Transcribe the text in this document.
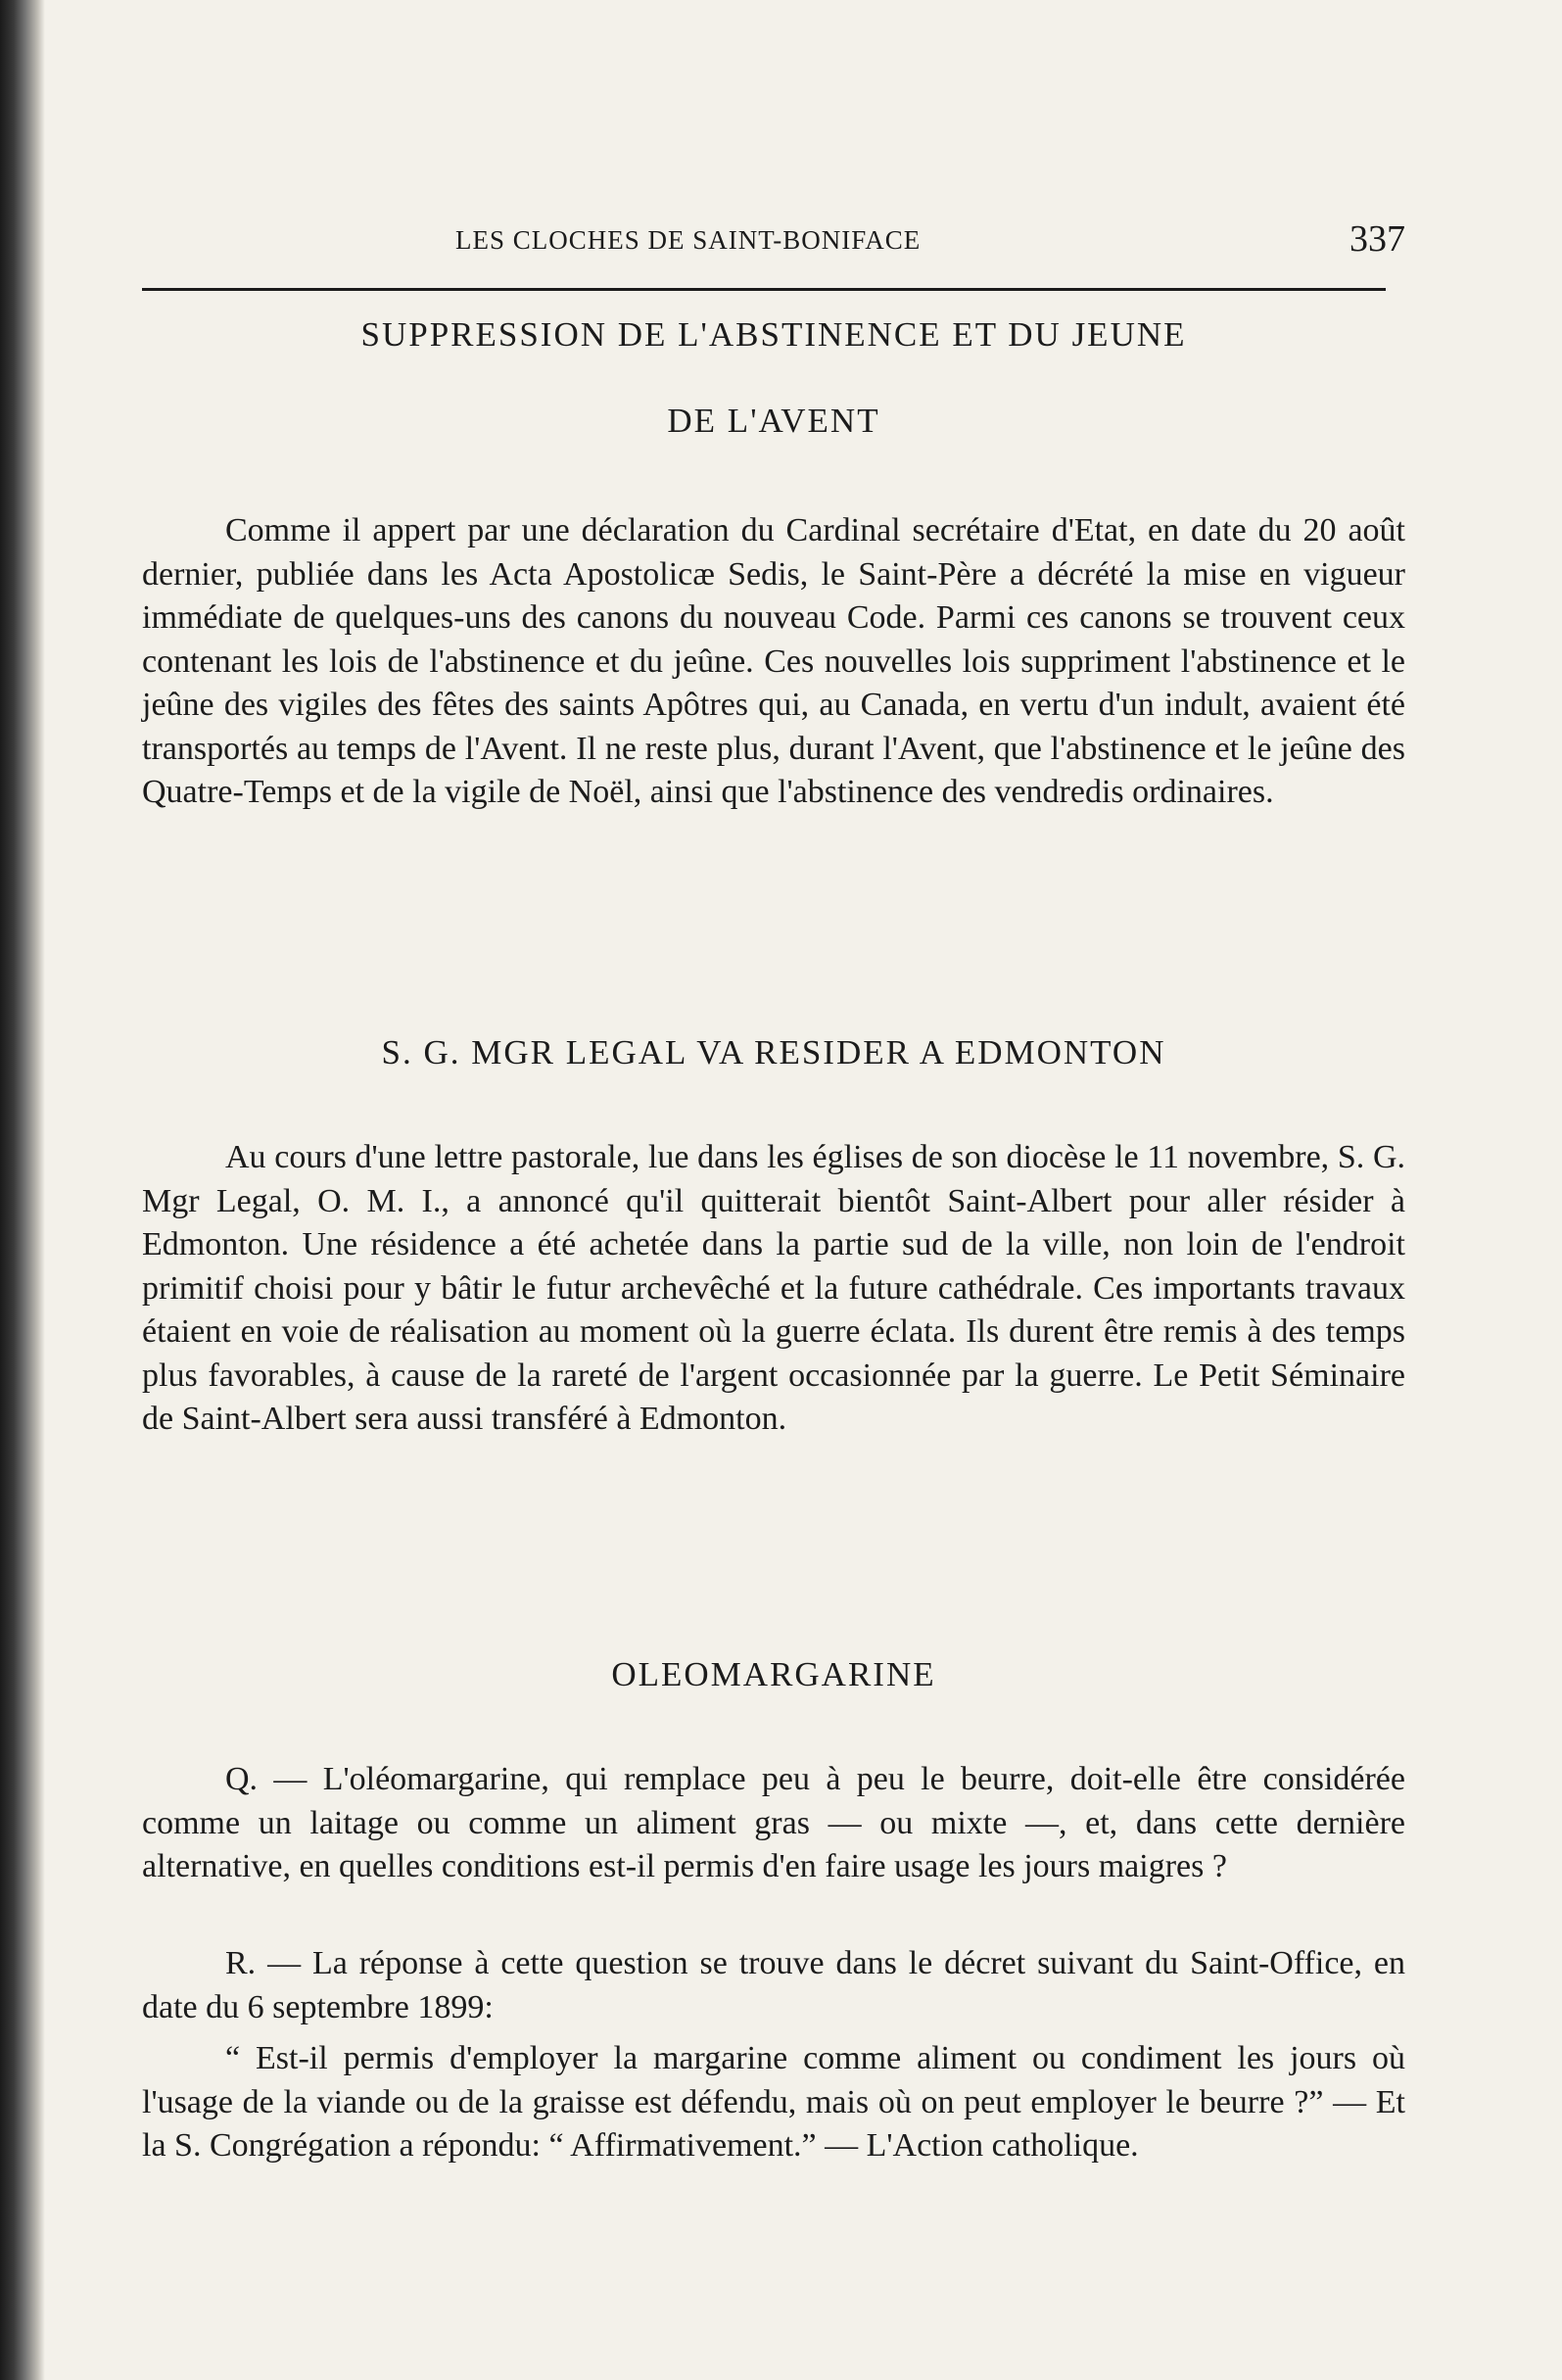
LES CLOCHES DE SAINT-BONIFACE	337
SUPPRESSION DE L'ABSTINENCE ET DU JEUNE
DE L'AVENT

Comme il appert par une déclaration du Cardinal secrétaire d'Etat, en date du 20 août dernier, publiée dans les Acta Apostolicæ Sedis, le Saint-Père a décrété la mise en vigueur immédiate de quelques-uns des canons du nouveau Code. Parmi ces canons se trouvent ceux contenant les lois de l'abstinence et du jeûne. Ces nouvelles lois suppriment l'abstinence et le jeûne des vigiles des fêtes des saints Apôtres qui, au Canada, en vertu d'un indult, avaient été transportés au temps de l'Avent. Il ne reste plus, durant l'Avent, que l'abstinence et le jeûne des Quatre-Temps et de la vigile de Noël, ainsi que l'abstinence des vendredis ordinaires.

S. G. MGR LEGAL VA RESIDER A EDMONTON

Au cours d'une lettre pastorale, lue dans les églises de son diocèse le 11 novembre, S. G. Mgr Legal, O. M. I., a annoncé qu'il quitterait bientôt Saint-Albert pour aller résider à Edmonton. Une résidence a été achetée dans la partie sud de la ville, non loin de l'endroit primitif choisi pour y bâtir le futur archevêché et la future cathédrale. Ces importants travaux étaient en voie de réalisation au moment où la guerre éclata. Ils durent être remis à des temps plus favorables, à cause de la rareté de l'argent occasionnée par la guerre. Le Petit Séminaire de Saint-Albert sera aussi transféré à Edmonton.

OLEOMARGARINE

Q. — L'oléomargarine, qui remplace peu à peu le beurre, doit-elle être considérée comme un laitage ou comme un aliment gras — ou mixte —, et, dans cette dernière alternative, en quelles conditions est-il permis d'en faire usage les jours maigres ?

R. — La réponse à cette question se trouve dans le décret suivant du Saint-Office, en date du 6 septembre 1899:

“ Est-il permis d'employer la margarine comme aliment ou condiment les jours où l'usage de la viande ou de la graisse est défendu, mais où on peut employer le beurre ?” — Et la S. Congrégation a répondu: “ Affirmativement.” — L'Action catholique.
